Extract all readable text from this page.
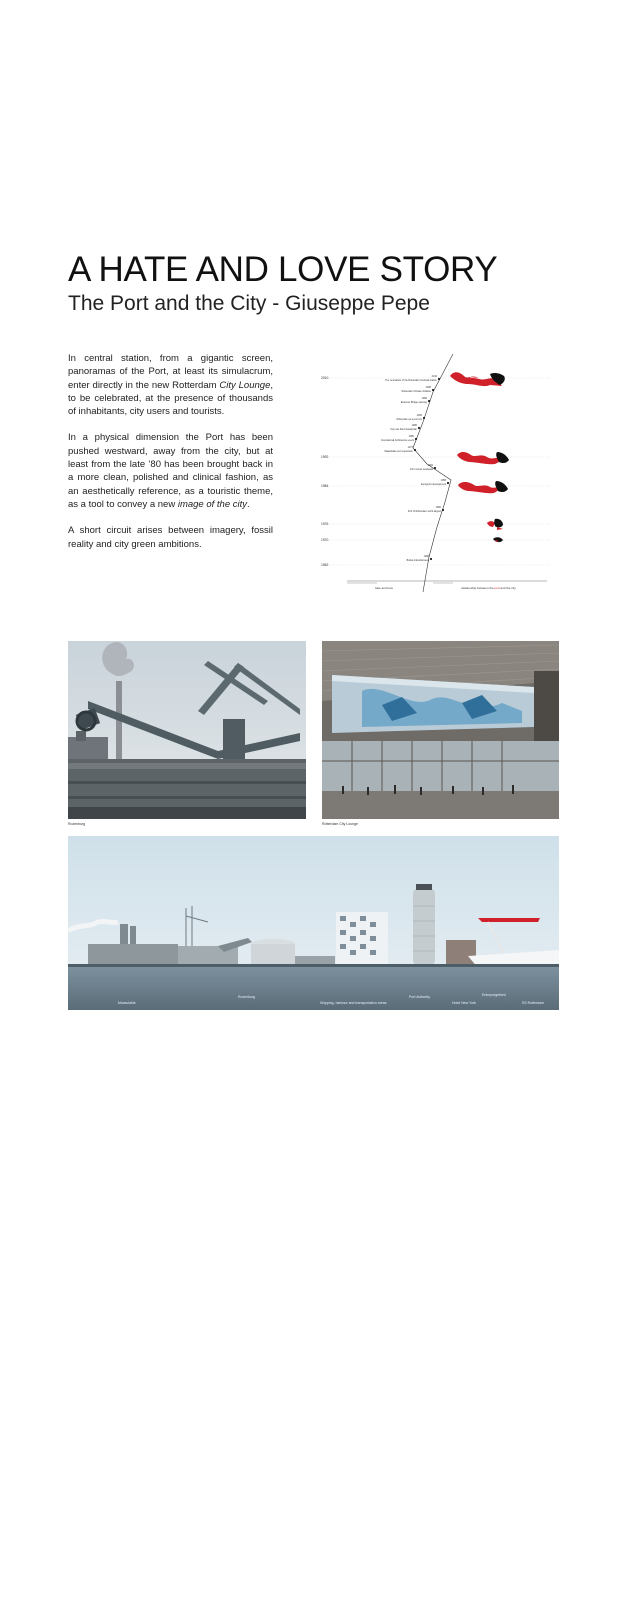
A HATE AND LOVE STORY
The Port and the City - Giuseppe Pepe

In central station, from a gigantic screen, panoramas of the Port, at least its simulacrum, enter directly in the new Rotterdam City Lounge, to be celebrated, at the presence of thousands of inhabitants, city users and tourists.

In a physical dimension the Port has been pushed westward, away from the city, but at least from the late ’80 has been brought back in a more clean, polished and clinical fashion, as an aesthetically reference, as a touristic theme, as a tool to convey a new image of the city.

A short circuit arises between imagery, fossil reality and city green ambitions.

2010
1992
1984
1976
1970
1962
2013
The renovation of the Rotterdam Centraal station
2008
Rotterdam Climate Initiative
1996
Erasmus Bridge opening
1993
Rotterdam as a port city
1986
Kop van Zuid masterplan
1980
International Architecture event
1977
Maasvlakte port expansion
1962
Port moves westward
1958
Europoort development
1966
Port of Rotterdam world largest
1968
Botlek industrial area
hate and love	relationship between the port and the city
Rozenburg	Rotterdam City Lounge
Rozenburg	Port Authority	Entrepotgebied
Maasvlakte	Shipping, harbour and transportation areas	Hotel New York	SS Rotterdam
